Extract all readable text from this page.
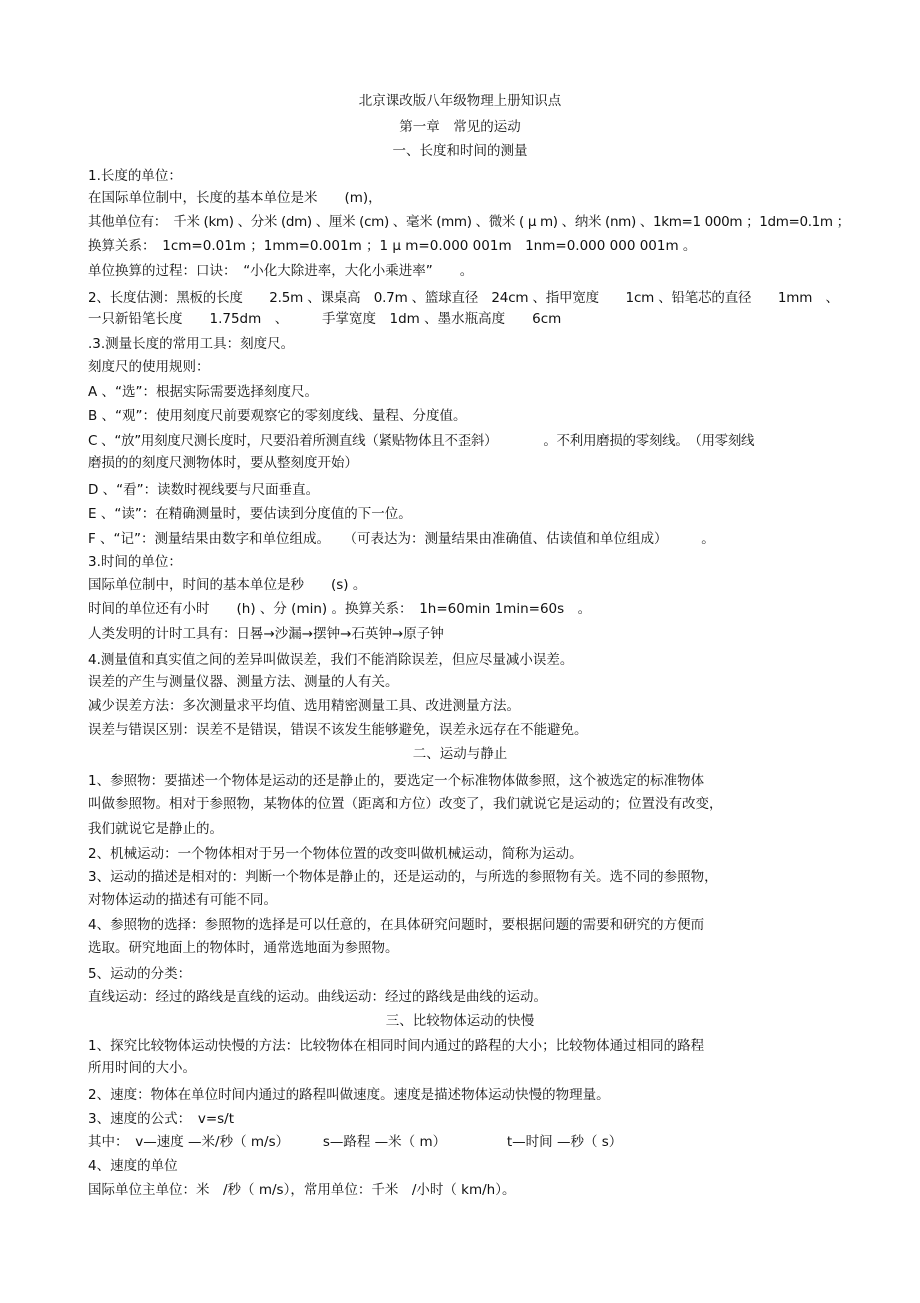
北京课改版八年级物理上册知识点
第一章　常见的运动
一、长度和时间的测量
1.长度的单位：
在国际单位制中，长度的基本单位是米　　(m)，
其他单位有：　千米 (km) 、分米 (dm) 、厘米 (cm) 、毫米 (mm) 、微米 ( μ m) 、纳米 (nm) 、1km=1 000m ；1dm=0.1m ；
换算关系：　1cm=0.01m ；1mm=0.001m ；1 μ m=0.000 001m　1nm=0.000 000 001m 。
单位换算的过程：口诀：　“小化大除进率，大化小乘进率”　　。
2、长度估测：黑板的长度　　2.5m 、课桌高　0.7m 、篮球直径　24cm 、指甲宽度　　1cm 、铅笔芯的直径　　1mm　、
一只新铅笔长度　　1.75dm　、　　　手掌宽度　1dm 、墨水瓶高度　　6cm
.3.测量长度的常用工具：刻度尺。
刻度尺的使用规则：
A 、“选”：根据实际需要选择刻度尺。
B 、“观”：使用刻度尺前要观察它的零刻度线、量程、分度值。
C 、“放”用刻度尺测长度时，尺要沿着所测直线（紧贴物体且不歪斜）　　　　。不利用磨损的零刻线。　（用零刻线
磨损的的刻度尺测物体时，要从整刻度开始）
D 、“看”：读数时视线要与尺面垂直。
E 、“读”：在精确测量时，要估读到分度值的下一位。
F 、“记”：测量结果由数字和单位组成。　　（可表达为：测量结果由准确值、估读值和单位组成）　　　。
3.时间的单位：
国际单位制中，时间的基本单位是秒　　(s) 。
时间的单位还有小时　　(h) 、分 (min) 。换算关系：　1h=60min 1min=60s　。
人类发明的计时工具有：日晷→沙漏→摆钟→石英钟→原子钟
4.测量值和真实值之间的差异叫做误差，我们不能消除误差，但应尽量减小误差。
误差的产生与测量仪器、测量方法、测量的人有关。
减少误差方法：多次测量求平均值、选用精密测量工具、改进测量方法。
误差与错误区别：误差不是错误，错误不该发生能够避免，误差永远存在不能避免。
二、运动与静止
1、参照物：要描述一个物体是运动的还是静止的，要选定一个标准物体做参照，这个被选定的标准物体
叫做参照物。相对于参照物，某物体的位置（距离和方位）改变了，我们就说它是运动的；位置没有改变，
我们就说它是静止的。
2、机械运动：一个物体相对于另一个物体位置的改变叫做机械运动，简称为运动。
3、运动的描述是相对的：判断一个物体是静止的，还是运动的，与所选的参照物有关。选不同的参照物，
对物体运动的描述有可能不同。
4、参照物的选择：参照物的选择是可以任意的，在具体研究问题时，要根据问题的需要和研究的方便而
选取。研究地面上的物体时，通常选地面为参照物。
5、运动的分类：
直线运动：经过的路线是直线的运动。曲线运动：经过的路线是曲线的运动。
三、比较物体运动的快慢
1、探究比较物体运动快慢的方法：比较物体在相同时间内通过的路程的大小；比较物体通过相同的路程
所用时间的大小。
2、速度：物体在单位时间内通过的路程叫做速度。速度是描述物体运动快慢的物理量。
3、速度的公式：　v=s/t
其中：　v—速度 —米/秒（ m/s）　　　s—路程 —米（ m）　　　　　t—时间 —秒（ s）
4、速度的单位
国际单位主单位：米　/秒（ m/s），常用单位：千米　/小时（ km/h）。
